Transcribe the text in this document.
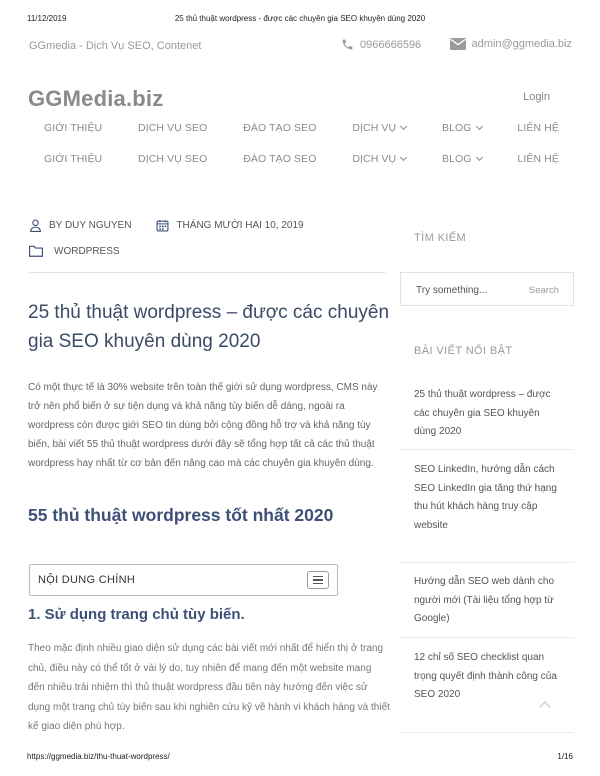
11/12/2019	25 thủ thuật wordpress - được các chuyên gia SEO khuyên dùng 2020
GGmedia - Dịch Vụ SEO, Contenet	0966666596	admin@ggmedia.biz
GGMedia.biz	Login
GIỚI THIỆU	DỊCH VỤ SEO	ĐÀO TẠO SEO	DỊCH VỤ	BLOG	LIÊN HỆ
GIỚI THIỆU	DỊCH VỤ SEO	ĐÀO TẠO SEO	DỊCH VỤ	BLOG	LIÊN HỆ
BY DUY NGUYEN	THÁNG MƯỜI HAI 10, 2019
WORDPRESS
25 thủ thuật wordpress – được các chuyên gia SEO khuyên dùng 2020

Có một thực tế là 30% website trên toàn thế giới sử dụng wordpress, CMS này trở nên phổ biến ở sự tiện dụng và khả năng tùy biến dễ dàng, ngoài ra wordpress còn được giới SEO tin dùng bởi cộng đồng hỗ trợ và khả năng tùy biến, bài viết 55 thủ thuật wordpress dưới đây sẽ tổng hợp tất cả các thủ thuật wordpress hay nhất từ cơ bản đến nâng cao mà các chuyên gia khuyên dùng.

55 thủ thuật wordpress tốt nhất 2020
NỘI DUNG CHÍNH
1. Sử dụng trang chủ tùy biến.

Theo mặc định nhiều giao diện sử dụng các bài viết mới nhất để hiển thị ở trang chủ, điều này có thể tốt ở vài lý do, tuy nhiên để mang đến một website mang đến nhiều trải nhiệm thì thủ thuật wordpress đầu tiên này hướng đến việc sử dụng một trang chủ tùy biến sau khi nghiên cứu kỹ về hành vi khách hàng và thiết kế giao diện phù hợp.

TÌM KIẾM
Try something...	Search
BÀI VIẾT NỔI BẬT
25 thủ thuật wordpress – được các chuyên gia SEO khuyên dùng 2020
SEO LinkedIn, hướng dẫn cách SEO LinkedIn gia tăng thứ hạng thu hút khách hàng truy cập website
Hướng dẫn SEO web dành cho người mới (Tài liệu tổng hợp từ Google)
12 chỉ số SEO checklist quan trọng quyết định thành công của SEO 2020
https://ggmedia.biz/thu-thuat-wordpress/	1/16
